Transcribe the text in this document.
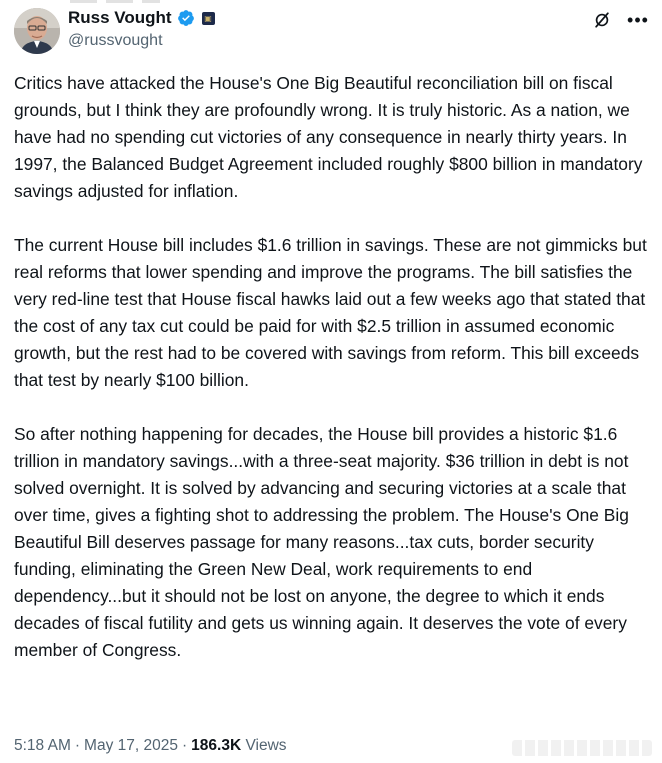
Russ Vought	▣
@russvought
•••

Critics have attacked the House's One Big Beautiful reconciliation bill on fiscal grounds, but I think they are profoundly wrong. It is truly historic. As a nation, we have had no spending cut victories of any consequence in nearly thirty years. In 1997, the Balanced Budget Agreement included roughly $800 billion in mandatory savings adjusted for inflation.

The current House bill includes $1.6 trillion in savings. These are not gimmicks but real reforms that lower spending and improve the programs. The bill satisfies the very red-line test that House fiscal hawks laid out a few weeks ago that stated that the cost of any tax cut could be paid for with $2.5 trillion in assumed economic growth, but the rest had to be covered with savings from reform. This bill exceeds that test by nearly $100 billion.

So after nothing happening for decades, the House bill provides a historic $1.6 trillion in mandatory savings...with a three-seat majority. $36 trillion in debt is not solved overnight. It is solved by advancing and securing victories at a scale that over time, gives a fighting shot to addressing the problem. The House's One Big Beautiful Bill deserves passage for many reasons...tax cuts, border security funding, eliminating the Green New Deal, work requirements to end dependency...but it should not be lost on anyone, the degree to which it ends decades of fiscal futility and gets us winning again. It deserves the vote of every member of Congress.

5:18 AM · May 17, 2025 · 186.3K Views
